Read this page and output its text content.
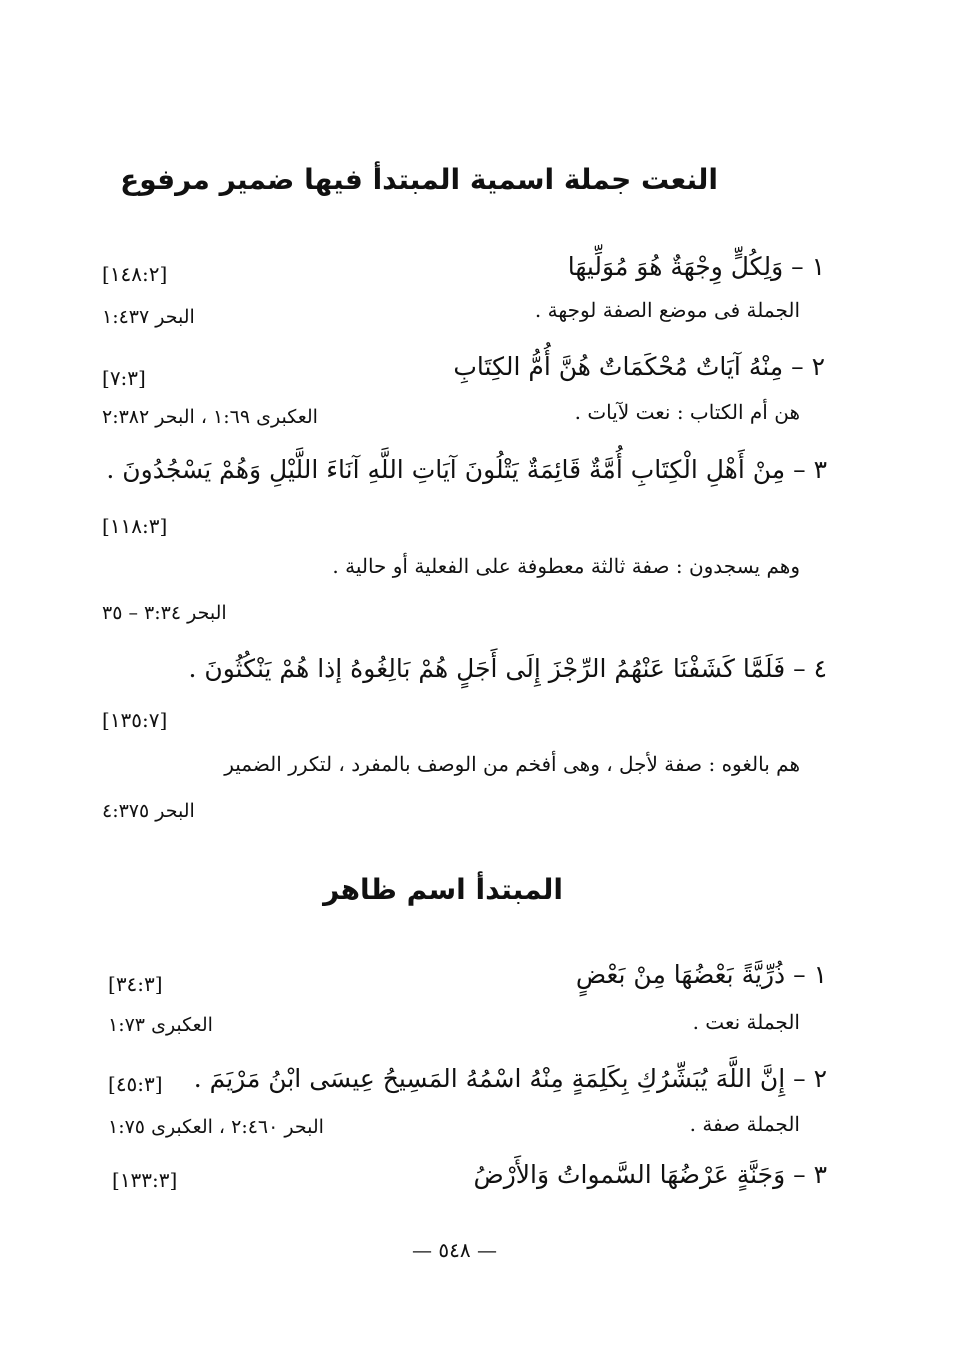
النعت جملة اسمية المبتدأ فيها ضمير مرفوع
١ – وَلِكُلٍّ وِجْهَةٌ هُوَ مُوَلِّيهَا
[١٤٨:٢]
الجملة فى موضع الصفة لوجهة .
البحر ١:٤٣٧
٢ – مِنْهُ آيَاتٌ مُحْكَمَاتٌ هُنَّ أُمُّ الكِتَابِ
[٧:٣]
هن أم الكتاب : نعت لآيات .
العكبرى ١:٦٩ ، البحر ٢:٣٨٢
٣ – مِنْ أَهْلِ الْكِتَابِ أُمَّةٌ قَائِمَةٌ يَتْلُونَ آيَاتِ اللَّهِ آنَاءَ اللَّيْلِ وَهُمْ يَسْجُدُونَ .
[١١٨:٣]
وهم يسجدون : صفة ثالثة معطوفة على الفعلية أو حالية .
البحر ٣:٣٤ – ٣٥
٤ – فَلَمَّا كَشَفْنَا عَنْهُمُ الرِّجْزَ إِلَى أَجَلٍ هُمْ بَالِغُوهُ إذا هُمْ يَنْكُثُونَ .
[١٣٥:٧]
هم بالغوه : صفة لأجل ، وهى أفخم من الوصف بالمفرد ، لتكرر الضمير
البحر ٤:٣٧٥
المبتدأ اسم ظاهر
١ – ذُرِّيَّةً بَعْضُهَا مِنْ بَعْضٍ
[٣٤:٣]
الجملة نعت .
العكبرى ١:٧٣
٢ – إِنَّ اللَّهَ يُبَشِّرُكِ بِكَلِمَةٍ مِنْهُ اسْمُهُ المَسِيحُ عِيسَى ابْنُ مَرْيَمَ .
[٤٥:٣]
الجملة صفة .
البحر ٢:٤٦٠ ، العكبرى ١:٧٥
٣ – وَجَنَّةٍ عَرْضُهَا السَّمواتُ وَالأَرْضُ
[١٣٣:٣]
— ٥٤٨ —
